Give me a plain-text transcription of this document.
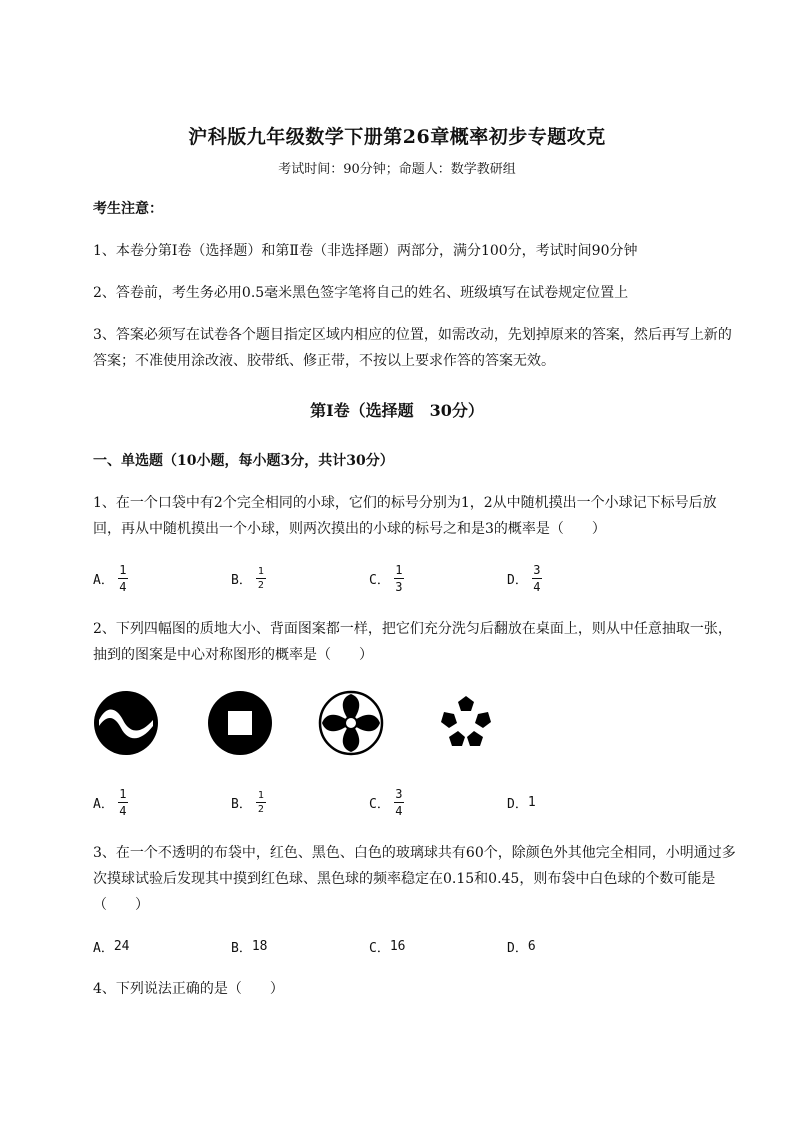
沪科版九年级数学下册第26章概率初步专题攻克
考试时间：90分钟；命题人：数学教研组
考生注意：
1、本卷分第I卷（选择题）和第Ⅱ卷（非选择题）两部分，满分100分，考试时间90分钟
2、答卷前，考生务必用0.5毫米黑色签字笔将自己的姓名、班级填写在试卷规定位置上
3、答案必须写在试卷各个题目指定区域内相应的位置，如需改动，先划掉原来的答案，然后再写上新的答案；不准使用涂改液、胶带纸、修正带，不按以上要求作答的答案无效。
第I卷（选择题　30分）
一、单选题（10小题，每小题3分，共计30分）
1、在一个口袋中有2个完全相同的小球，它们的标号分别为1，2从中随机摸出一个小球记下标号后放回，再从中随机摸出一个小球，则两次摸出的小球的标号之和是3的概率是（　　）
A． $\frac{1}{4}$	B． $\frac{1}{2}$	C． $\frac{1}{3}$	D． $\frac{3}{4}$
2、下列四幅图的质地大小、背面图案都一样，把它们充分洗匀后翻放在桌面上，则从中任意抽取一张，抽到的图案是中心对称图形的概率是（　　）
A． $\frac{1}{4}$	B． $\frac{1}{2}$	C． $\frac{3}{4}$	D． 1
3、在一个不透明的布袋中，红色、黑色、白色的玻璃球共有60个，除颜色外其他完全相同，小明通过多次摸球试验后发现其中摸到红色球、黑色球的频率稳定在0.15和0.45，则布袋中白色球的个数可能是（　　）
A． 24	B． 18	C． 16	D． 6
4、下列说法正确的是（　　）
